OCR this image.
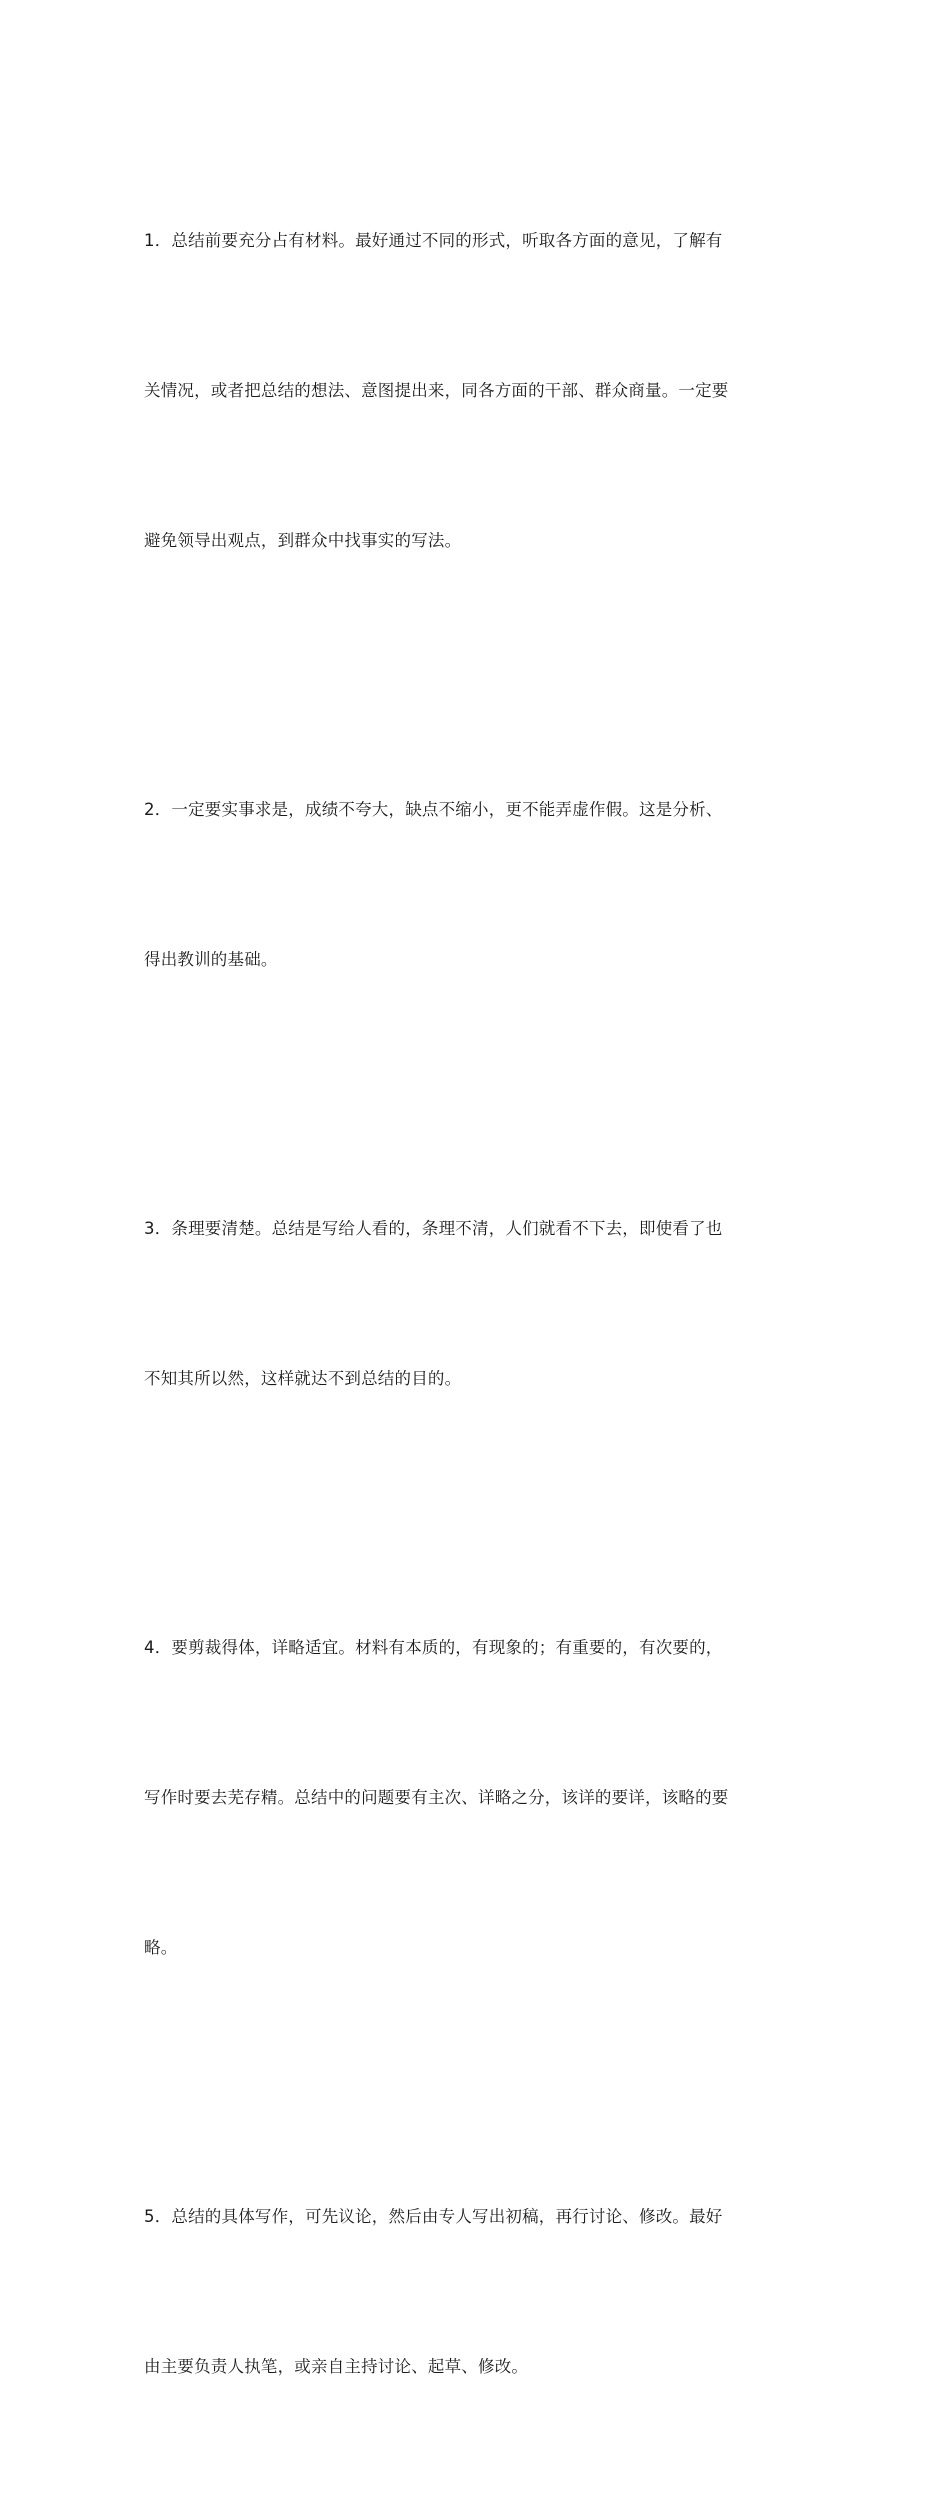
1．总结前要充分占有材料。最好通过不同的形式，听取各方面的意见，了解有

关情况，或者把总结的想法、意图提出来，同各方面的干部、群众商量。一定要

避免领导出观点，到群众中找事实的写法。

2．一定要实事求是，成绩不夸大，缺点不缩小，更不能弄虚作假。这是分析、

得出教训的基础。

3．条理要清楚。总结是写给人看的，条理不清，人们就看不下去，即使看了也

不知其所以然，这样就达不到总结的目的。

4．要剪裁得体，详略适宜。材料有本质的，有现象的；有重要的，有次要的，

写作时要去芜存精。总结中的问题要有主次、详略之分，该详的要详，该略的要

略。

5．总结的具体写作，可先议论，然后由专人写出初稿，再行讨论、修改。最好

由主要负责人执笔，或亲自主持讨论、起草、修改。
